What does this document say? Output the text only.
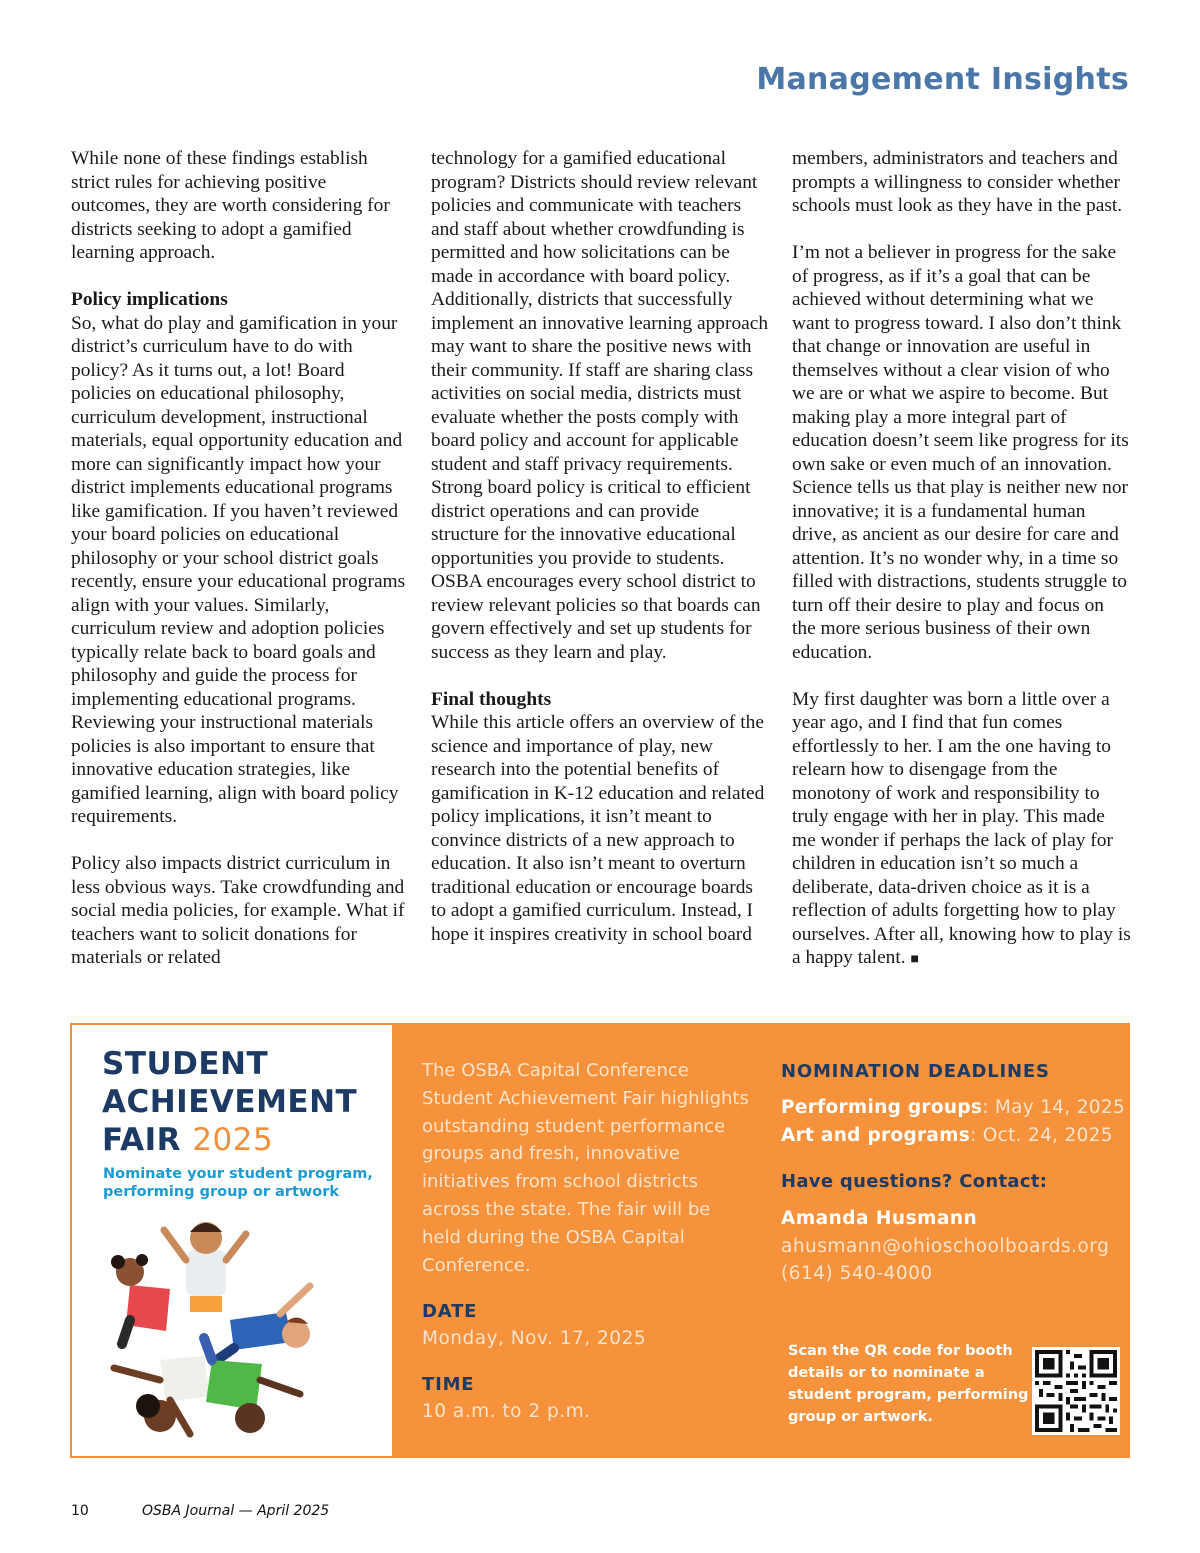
Management Insights

While none of these findings establish strict rules for achieving positive outcomes, they are worth considering for districts seeking to adopt a gamified learning approach.

Policy implications
So, what do play and gamification in your district’s curriculum have to do with policy? As it turns out, a lot! Board policies on educational philosophy, curriculum development, instructional materials, equal opportunity education and more can significantly impact how your district implements educational programs like gamification. If you haven’t reviewed your board policies on educational philosophy or your school district goals recently, ensure your educational programs align with your values. Similarly, curriculum review and adoption policies typically relate back to board goals and philosophy and guide the process for implementing educational programs. Reviewing your instructional materials policies is also important to ensure that innovative education strategies, like gamified learning, align with board policy requirements.

Policy also impacts district curriculum in less obvious ways. Take crowdfunding and social media policies, for example. What if teachers want to solicit donations for materials or related

technology for a gamified educational program? Districts should review relevant policies and communicate with teachers and staff about whether crowdfunding is permitted and how solicitations can be made in accordance with board policy. Additionally, districts that successfully implement an innovative learning approach may want to share the positive news with their community. If staff are sharing class activities on social media, districts must evaluate whether the posts comply with board policy and account for applicable student and staff privacy requirements. Strong board policy is critical to efficient district operations and can provide structure for the innovative educational opportunities you provide to students. OSBA encourages every school district to review relevant policies so that boards can govern effectively and set up students for success as they learn and play.

Final thoughts
While this article offers an overview of the science and importance of play, new research into the potential benefits of gamification in K-12 education and related policy implications, it isn’t meant to convince districts of a new approach to education. It also isn’t meant to overturn traditional education or encourage boards to adopt a gamified curriculum. Instead, I hope it inspires creativity in school board

members, administrators and teachers and prompts a willingness to consider whether schools must look as they have in the past.

I’m not a believer in progress for the sake of progress, as if it’s a goal that can be achieved without determining what we want to progress toward. I also don’t think that change or innovation are useful in themselves without a clear vision of who we are or what we aspire to become. But making play a more integral part of education doesn’t seem like progress for its own sake or even much of an innovation. Science tells us that play is neither new nor innovative; it is a fundamental human drive, as ancient as our desire for care and attention. It’s no wonder why, in a time so filled with distractions, students struggle to turn off their desire to play and focus on the more serious business of their own education.

My first daughter was born a little over a year ago, and I find that fun comes effortlessly to her. I am the one having to relearn how to disengage from the monotony of work and responsibility to truly engage with her in play. This made me wonder if perhaps the lack of play for children in education isn’t so much a deliberate, data-driven choice as it is a reflection of adults forgetting how to play ourselves. After all, knowing how to play is a happy talent. ■

STUDENT
ACHIEVEMENT
FAIR 2025
Nominate your student program, performing group or artwork
The OSBA Capital Conference Student Achievement Fair highlights outstanding student performance groups and fresh, innovative initiatives from school districts across the state. The fair will be held during the OSBA Capital Conference.
DATE
Monday, Nov. 17, 2025
TIME
10 a.m. to 2 p.m.
NOMINATION DEADLINES
Performing groups: May 14, 2025
Art and programs: Oct. 24, 2025
Have questions? Contact:
Amanda Husmann
ahusmann@ohioschoolboards.org
(614) 540-4000
Scan the QR code for booth details or to nominate a student program, performing group or artwork.
10	OSBA Journal — April 2025
